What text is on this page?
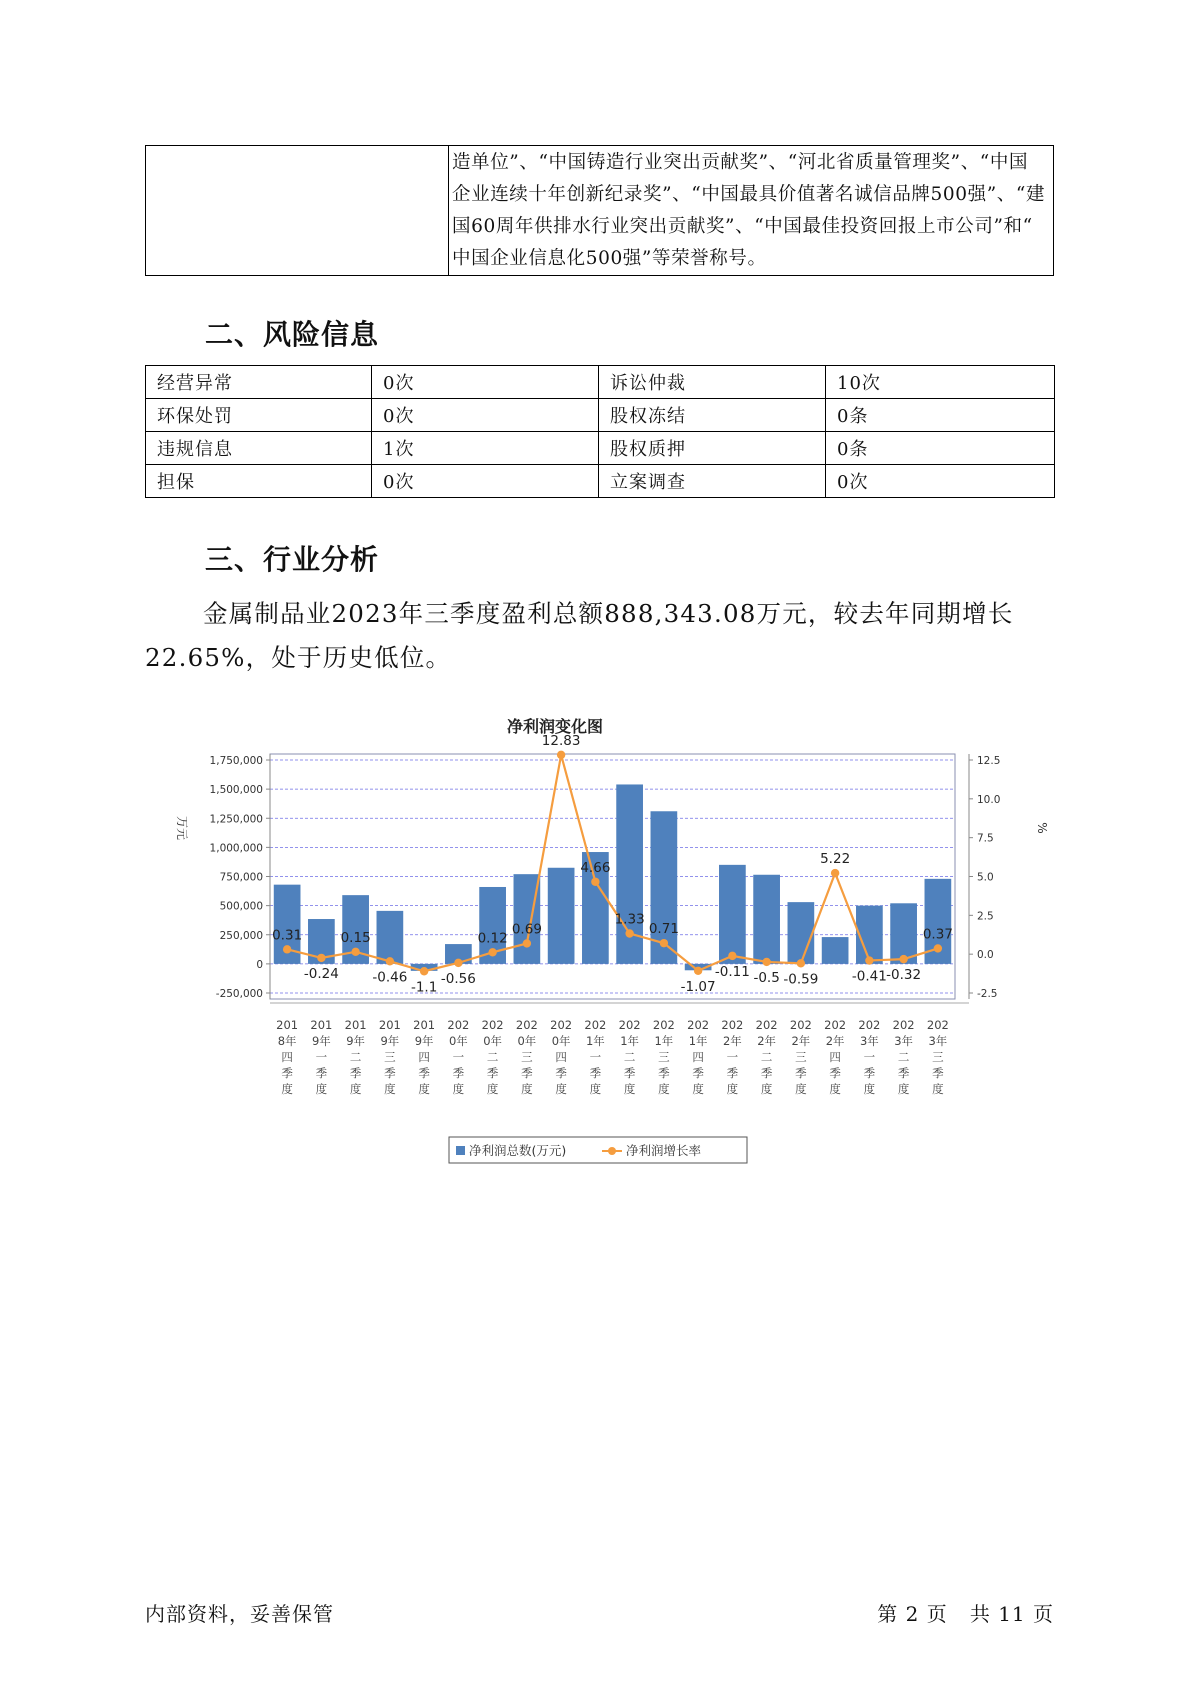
造单位”、“中国铸造行业突出贡献奖”、“河北省质量管理奖”、“中国
企业连续十年创新纪录奖”、“中国最具价值著名诚信品牌500强”、“建
国60周年供排水行业突出贡献奖”、“中国最佳投资回报上市公司”和“
中国企业信息化500强”等荣誉称号。
二、风险信息
经营异常	0次	诉讼仲裁	10次
环保处罚	0次	股权冻结	0条
违规信息	1次	股权质押	0条
担保	0次	立案调查	0次
三、行业分析

金属制品业2023年三季度盈利总额888,343.08万元，较去年同期增长22.65%，处于历史低位。

净利润变化图
1,750,000
1,500,000
1,250,000
1,000,000
750,000
500,000
250,000
0
-250,000
12.5
10.0
7.5
5.0
2.5
0.0
-2.5
万元	%
0.31
-0.24
0.15
-0.46
-1.1
-0.56
0.12
0.69
12.83
4.66
1.33
0.71
-1.07
-0.11 -0.5 -0.59
5.22
-0.41 -0.32
0.37
201
8年
四
季
度
201
9年
一
季
度
201
9年
二
季
度
201
9年
三
季
度
201
9年
四
季
度
202
0年
一
季
度
202
0年
二
季
度
202
0年
三
季
度
202
0年
四
季
度
202
1年
一
季
度
202
1年
二
季
度
202
1年
三
季
度
202
1年
四
季
度
202
2年
一
季
度
202
2年
二
季
度
202
2年
三
季
度
202
2年
四
季
度
202
3年
一
季
度
202
3年
二
季
度
202
3年
三
季
度
净利润总数(万元)	净利润增长率
内部资料，妥善保管	第 2 页 共 11 页
